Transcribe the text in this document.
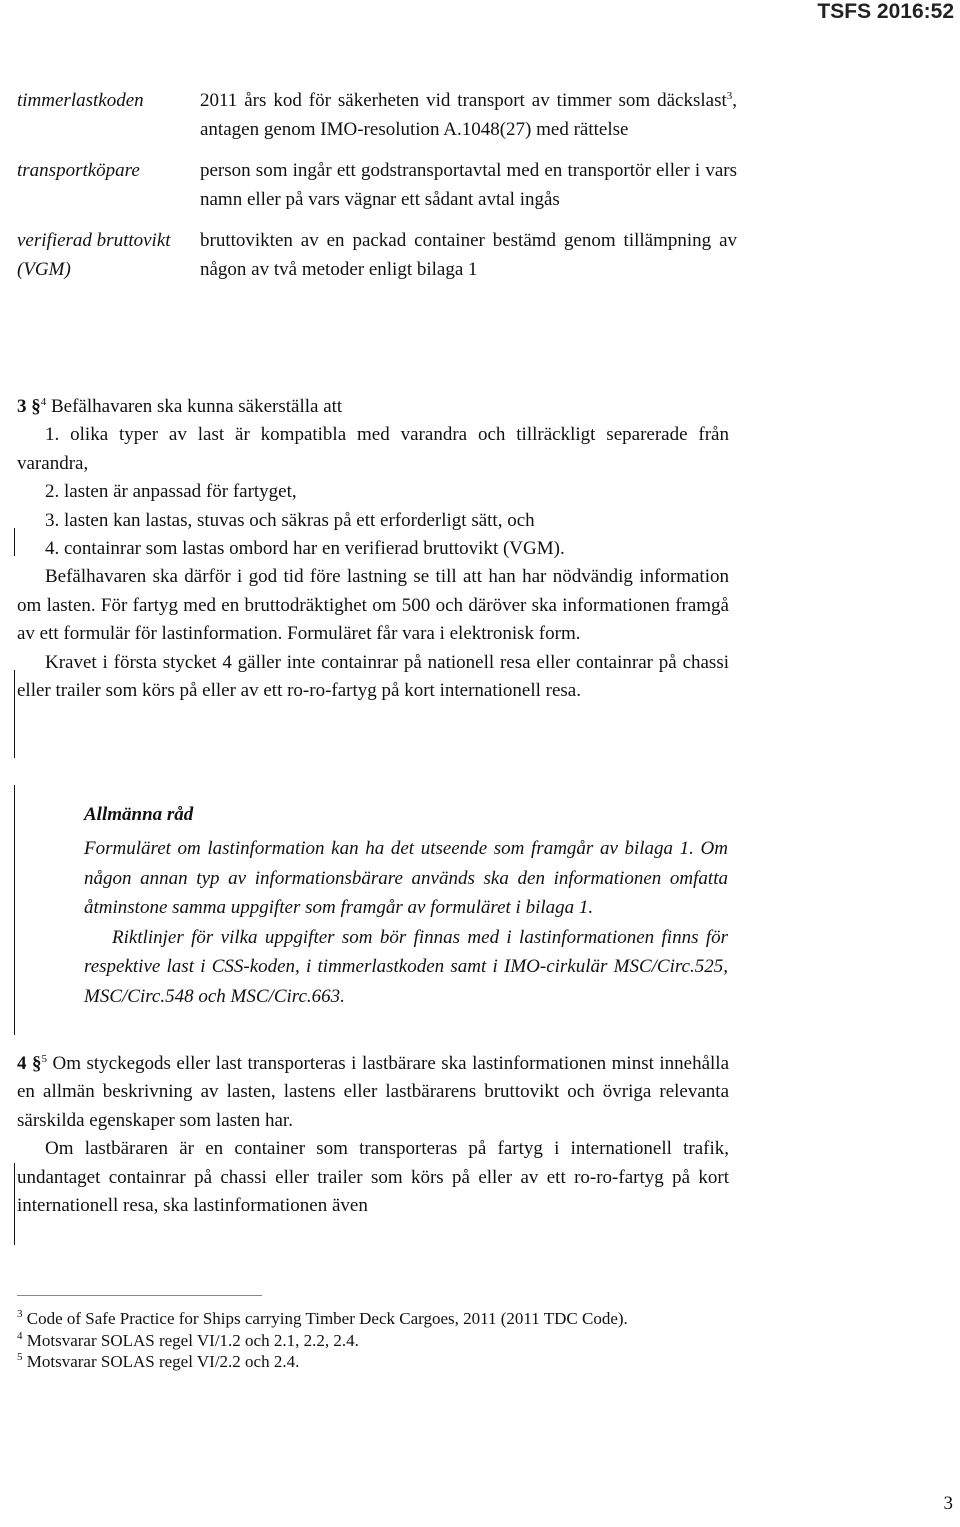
TSFS 2016:52
timmerlastkoden	2011 års kod för säkerheten vid transport av timmer som däckslast$^3$, antagen genom IMO-resolution A.1048(27) med rättelse
transportköpare	person som ingår ett godstransportavtal med en transportör eller i vars namn eller på vars vägnar ett sådant avtal ingås
verifierad bruttovikt (VGM)
bruttovikten av en packad container bestämd genom tillämpning av någon av två metoder enligt bilaga 1

3 §$^4$ Befälhavaren ska kunna säkerställa att

1. olika typer av last är kompatibla med varandra och tillräckligt separerade från varandra,

2. lasten är anpassad för fartyget,

3. lasten kan lastas, stuvas och säkras på ett erforderligt sätt, och

4. containrar som lastas ombord har en verifierad bruttovikt (VGM).

Befälhavaren ska därför i god tid före lastning se till att han har nödvändig information om lasten. För fartyg med en bruttodräktighet om 500 och däröver ska informationen framgå av ett formulär för lastinformation. Formuläret får vara i elektronisk form.

Kravet i första stycket 4 gäller inte containrar på nationell resa eller containrar på chassi eller trailer som körs på eller av ett ro-ro-fartyg på kort internationell resa.

Allmänna råd

Formuläret om lastinformation kan ha det utseende som framgår av bilaga 1. Om någon annan typ av informationsbärare används ska den informationen omfatta åtminstone samma uppgifter som framgår av formuläret i bilaga 1.

Riktlinjer för vilka uppgifter som bör finnas med i lastinformationen finns för respektive last i CSS-koden, i timmerlastkoden samt i IMO-cirkulär MSC/Circ.525, MSC/Circ.548 och MSC/Circ.663.

4 §$^5$ Om styckegods eller last transporteras i lastbärare ska lastinformationen minst innehålla en allmän beskrivning av lasten, lastens eller lastbärarens bruttovikt och övriga relevanta särskilda egenskaper som lasten har.

Om lastbäraren är en container som transporteras på fartyg i internationell trafik, undantaget containrar på chassi eller trailer som körs på eller av ett ro-ro-fartyg på kort internationell resa, ska lastinformationen även

$^3$ Code of Safe Practice for Ships carrying Timber Deck Cargoes, 2011 (2011 TDC Code).
$^4$ Motsvarar SOLAS regel VI/1.2 och 2.1, 2.2, 2.4.
$^5$ Motsvarar SOLAS regel VI/2.2 och 2.4.
3
